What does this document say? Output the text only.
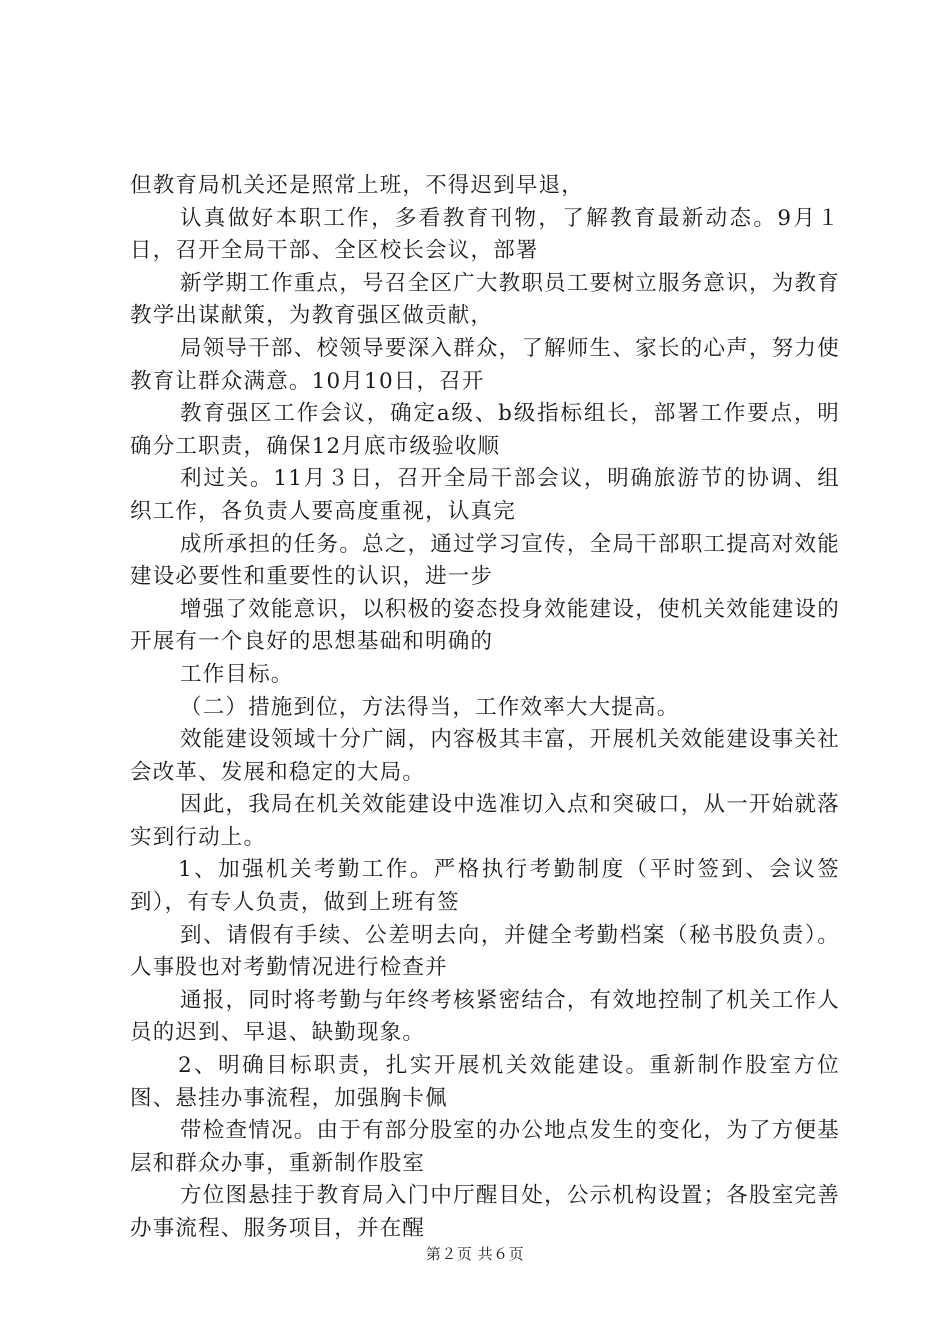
但教育局机关还是照常上班，不得迟到早退，

认真做好本职工作，多看教育刊物，了解教育最新动态。9月１日，召开全局干部、全区校长会议，部署

新学期工作重点，号召全区广大教职员工要树立服务意识，为教育教学出谋献策，为教育强区做贡献，

局领导干部、校领导要深入群众，了解师生、家长的心声，努力使教育让群众满意。10月10日，召开

教育强区工作会议，确定a级、b级指标组长，部署工作要点，明确分工职责，确保12月底市级验收顺

利过关。11月３日，召开全局干部会议，明确旅游节的协调、组织工作，各负责人要高度重视，认真完

成所承担的任务。总之，通过学习宣传，全局干部职工提高对效能建设必要性和重要性的认识，进一步

增强了效能意识，以积极的姿态投身效能建设，使机关效能建设的开展有一个良好的思想基础和明确的

工作目标。

（二）措施到位，方法得当，工作效率大大提高。

效能建设领域十分广阔，内容极其丰富，开展机关效能建设事关社会改革、发展和稳定的大局。

因此，我局在机关效能建设中选准切入点和突破口，从一开始就落实到行动上。

1、加强机关考勤工作。严格执行考勤制度（平时签到、会议签到），有专人负责，做到上班有签

到、请假有手续、公差明去向，并健全考勤档案（秘书股负责）。人事股也对考勤情况进行检查并

通报，同时将考勤与年终考核紧密结合，有效地控制了机关工作人员的迟到、早退、缺勤现象。

2、明确目标职责，扎实开展机关效能建设。重新制作股室方位图、悬挂办事流程，加强胸卡佩

带检查情况。由于有部分股室的办公地点发生的变化，为了方便基层和群众办事，重新制作股室

方位图悬挂于教育局入门中厅醒目处，公示机构设置；各股室完善办事流程、服务项目，并在醒

第２页 共６页
